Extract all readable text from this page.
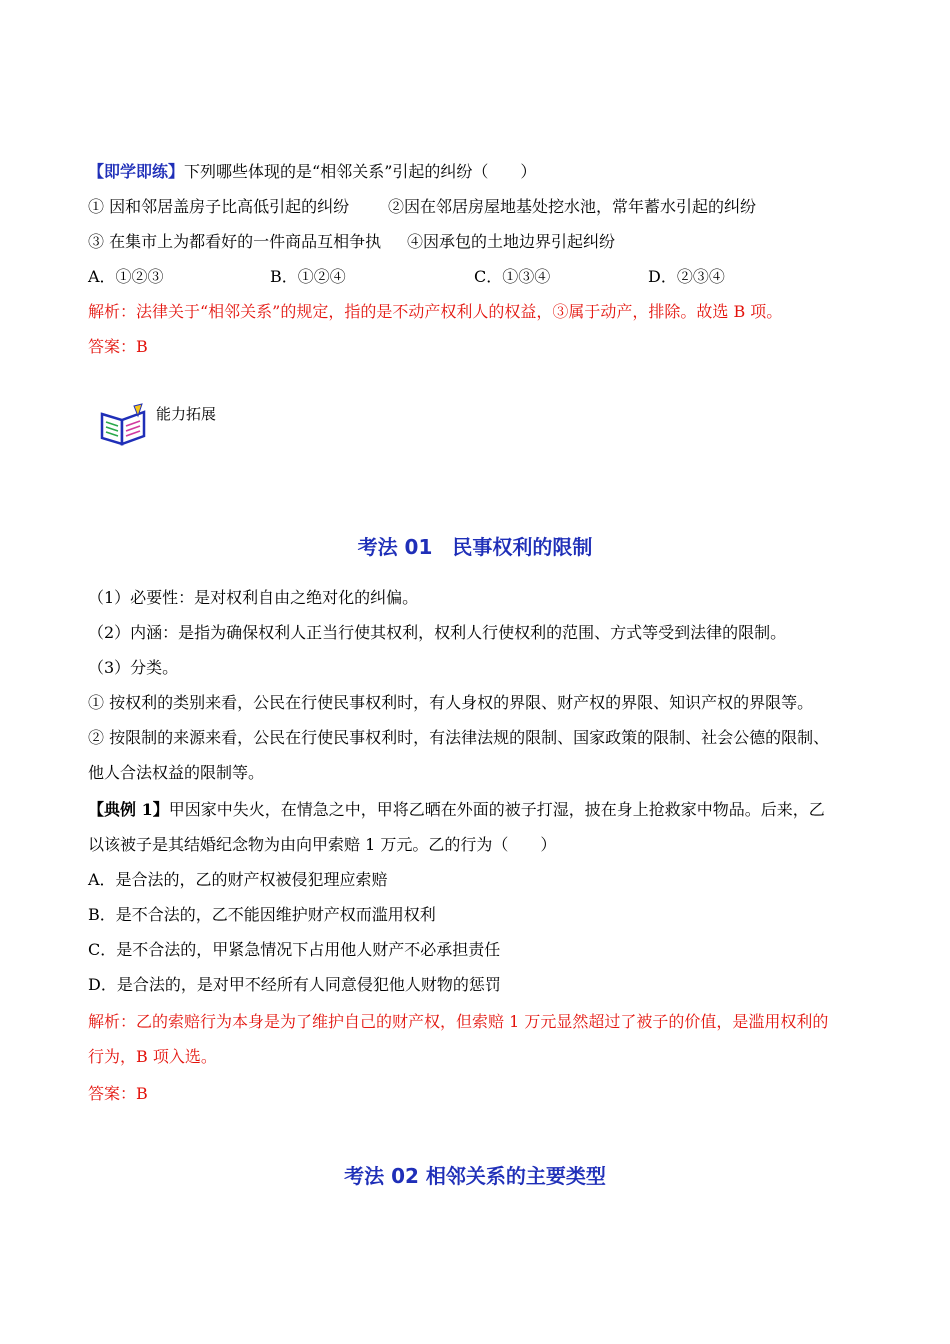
【即学即练】下列哪些体现的是“相邻关系”引起的纠纷（　　）
① 因和邻居盖房子比高低引起的纠纷 ②因在邻居房屋地基处挖水池，常年蓄水引起的纠纷
③ 在集市上为都看好的一件商品互相争执 ④因承包的土地边界引起纠纷
A．①②③	B．①②④	C．①③④	D．②③④
解析：法律关于“相邻关系”的规定，指的是不动产权利人的权益，③属于动产，排除。故选 B 项。
答案：B
能力拓展
考法 01　民事权利的限制
（1）必要性：是对权利自由之绝对化的纠偏。
（2）内涵：是指为确保权利人正当行使其权利，权利人行使权利的范围、方式等受到法律的限制。
（3）分类。
① 按权利的类别来看，公民在行使民事权利时，有人身权的界限、财产权的界限、知识产权的界限等。
② 按限制的来源来看，公民在行使民事权利时，有法律法规的限制、国家政策的限制、社会公德的限制、
他人合法权益的限制等。
【典例 1】甲因家中失火，在情急之中，甲将乙晒在外面的被子打湿，披在身上抢救家中物品。后来，乙
以该被子是其结婚纪念物为由向甲索赔 1 万元。乙的行为（　　）
A．是合法的，乙的财产权被侵犯理应索赔
B．是不合法的，乙不能因维护财产权而滥用权利
C．是不合法的，甲紧急情况下占用他人财产不必承担责任
D．是合法的，是对甲不经所有人同意侵犯他人财物的惩罚
解析：乙的索赔行为本身是为了维护自己的财产权，但索赔 1 万元显然超过了被子的价值，是滥用权利的
行为，B 项入选。
答案：B
考法 02 相邻关系的主要类型
